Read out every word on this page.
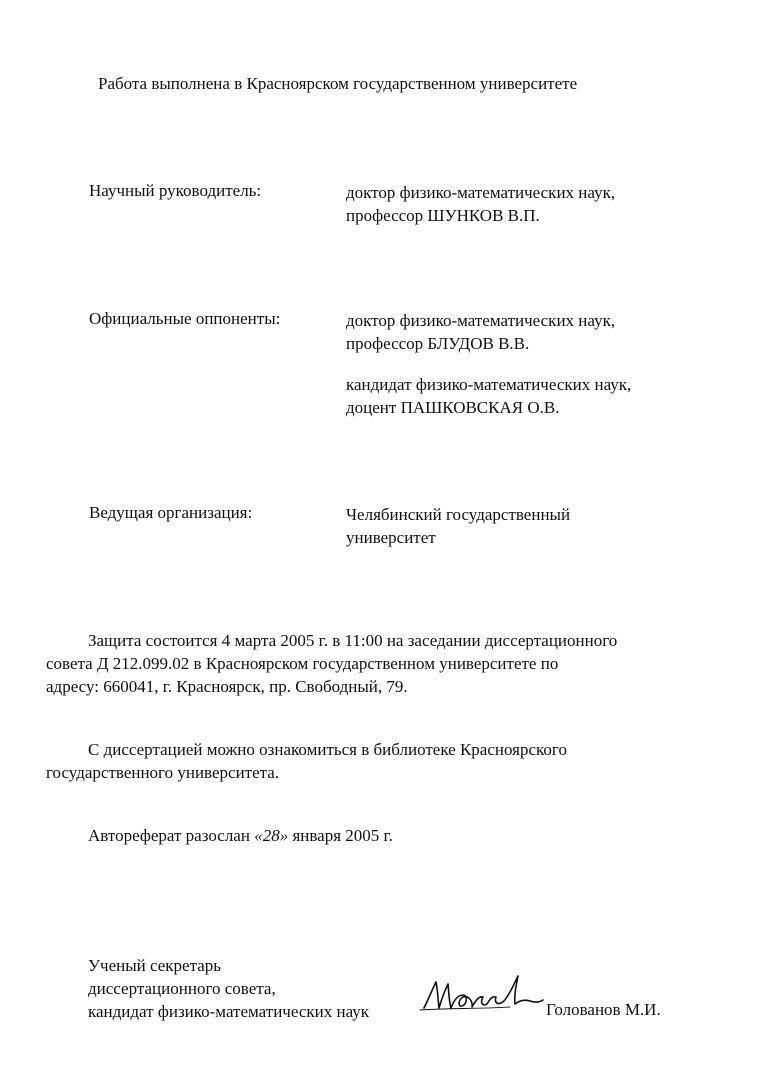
Работа выполнена в Красноярском государственном университете
Научный руководитель:	доктор физико-математических наук,
профессор ШУНКОВ В.П.
Официальные оппоненты:	доктор физико-математических наук,
профессор БЛУДОВ В.В.
кандидат физико-математических наук,
доцент ПАШКОВСКАЯ О.В.
Ведущая организация:	Челябинский государственный
университет
Защита состоится 4 марта 2005 г. в 11:00 на заседании диссертационного
совета Д 212.099.02 в Красноярском государственном университете по
адресу: 660041, г. Красноярск, пр. Свободный, 79.
С диссертацией можно ознакомиться в библиотеке Красноярского
государственного университета.
Автореферат разослан «28» января 2005 г.
Ученый секретарь
диссертационного совета,
кандидат физико-математических наук	Голованов М.И.
